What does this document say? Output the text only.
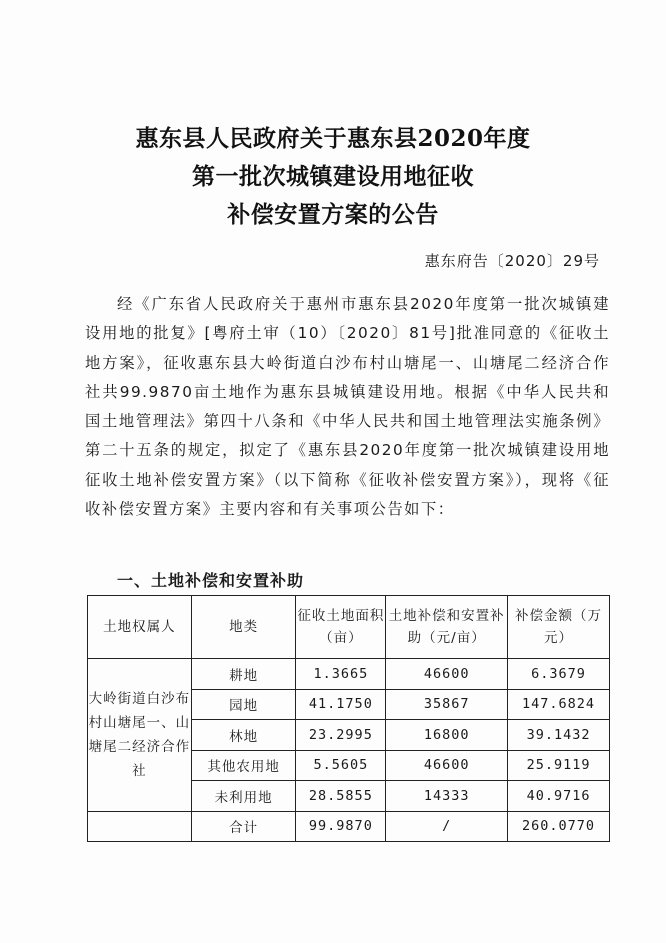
惠东县人民政府关于惠东县2020年度
第一批次城镇建设用地征收
补偿安置方案的公告
惠东府告〔2020〕29号

经《广东省人民政府关于惠州市惠东县2020年度第一批次城镇建设用地的批复》[粤府土审（10）〔2020〕81号]批准同意的《征收土地方案》，征收惠东县大岭街道白沙布村山塘尾一、山塘尾二经济合作社共99.9870亩土地作为惠东县城镇建设用地。根据《中华人民共和国土地管理法》第四十八条和《中华人民共和国土地管理法实施条例》第二十五条的规定，拟定了《惠东县2020年度第一批次城镇建设用地征收土地补偿安置方案》（以下简称《征收补偿安置方案》），现将《征收补偿安置方案》主要内容和有关事项公告如下：

一、土地补偿和安置补助
土地权属人	地类	征收土地面积（亩）	土地补偿和安置补助（元/亩）	补偿金额（万元）
大岭街道白沙布村山塘尾一、山塘尾二经济合作社	耕地	1.3665	46600	6.3679
	园地	41.1750	35867	147.6824
	林地	23.2995	16800	39.1432
	其他农用地	5.5605	46600	25.9119
	未利用地	28.5855	14333	40.9716
	合计	99.9870	/	260.0770
